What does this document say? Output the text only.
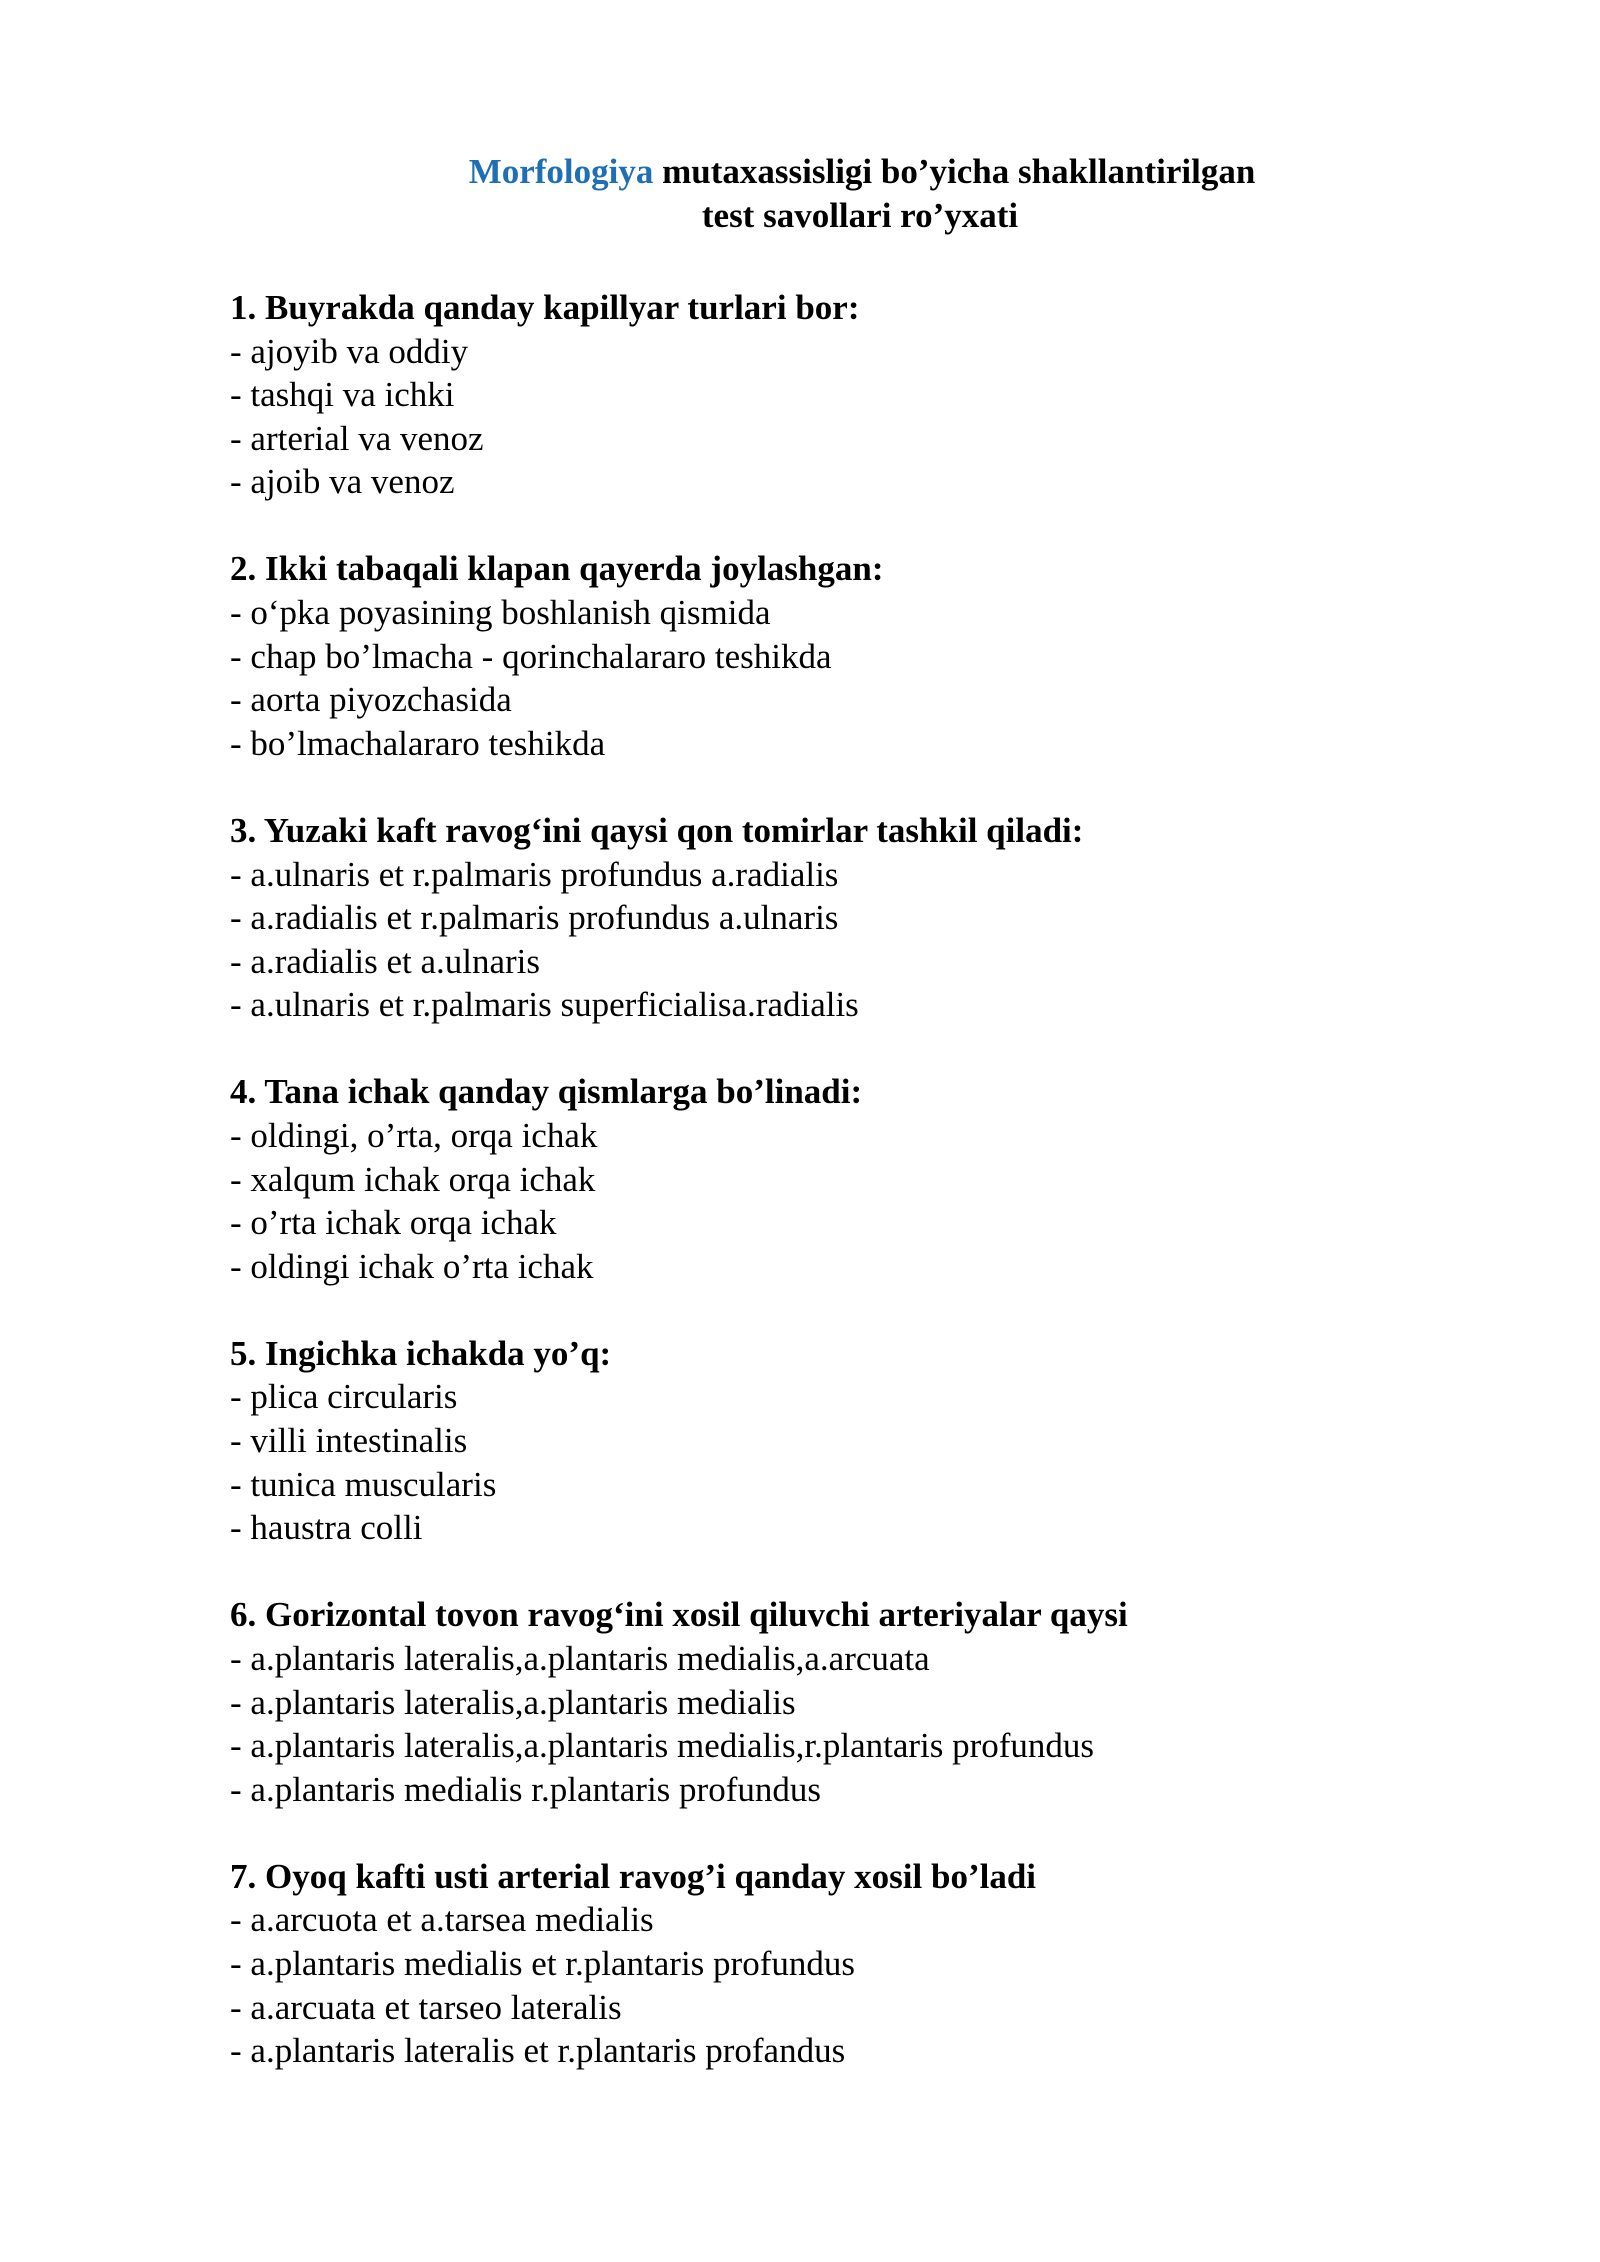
Morfologiya mutaxassisligi bo’yicha shakllantirilgan
test savollari ro’yxati
1. Buyrakda qanday kapillyar turlari bor:
- ajoyib va oddiy
- tashqi va ichki
- arterial va venoz
- ajoib va venoz
2. Ikki tabaqali klapan qayerda joylashgan:
- o‘pka poyasining boshlanish qismida
- chap bo’lmacha - qorinchalararo teshikda
- aorta piyozchasida
- bo’lmachalararo teshikda
3. Yuzaki kaft ravog‘ini qaysi qon tomirlar tashkil qiladi:
- a.ulnaris et r.palmaris profundus a.radialis
- a.radialis et r.palmaris profundus a.ulnaris
- a.radialis et a.ulnaris
- a.ulnaris et r.palmaris superficialisa.radialis
4. Tana ichak qanday qismlarga bo’linadi:
- oldingi, o’rta, orqa ichak
- xalqum ichak orqa ichak
- o’rta ichak orqa ichak
- oldingi ichak o’rta ichak
5. Ingichka ichakda yo’q:
- plica circularis
- villi intestinalis
- tunica muscularis
- haustra colli
6. Gorizontal tovon ravog‘ini xosil qiluvchi arteriyalar qaysi
- a.plantaris lateralis,a.plantaris medialis,a.arcuata
- a.plantaris lateralis,a.plantaris medialis
- a.plantaris lateralis,a.plantaris medialis,r.plantaris profundus
- a.plantaris medialis r.plantaris profundus
7. Oyoq kafti usti arterial ravog’i qanday xosil bo’ladi
- a.arcuota et a.tarsea medialis
- a.plantaris medialis et r.plantaris profundus
- a.arcuata et tarseo lateralis
- a.plantaris lateralis et r.plantaris profandus
